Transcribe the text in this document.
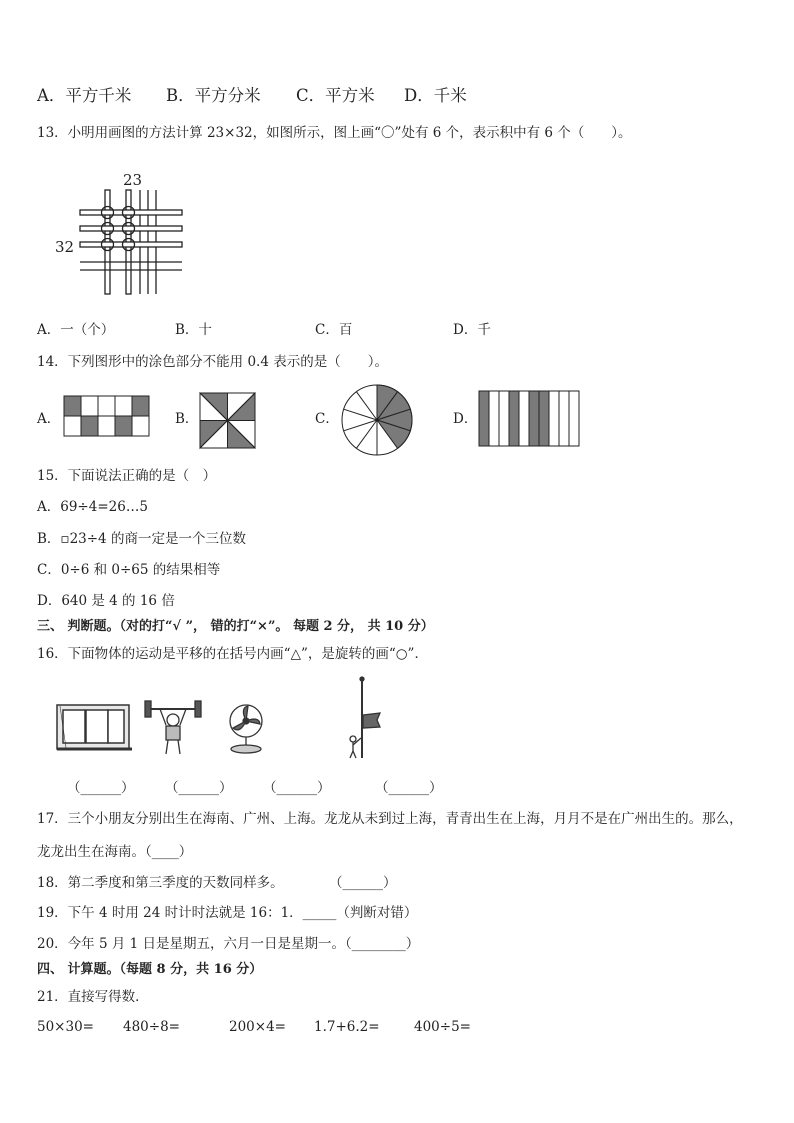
A．平方千米 B．平方分米 C．平方米 D．千米
13．小明用画图的方法计算 23×32，如图所示，图上画“〇”处有 6 个，表示积中有 6 个（　　）。
23
32
A．一（个）	B．十	C．百	D．千
14．下列图形中的涂色部分不能用 0.4 表示的是（　　）。
A．	B．	C．	D．
15．下面说法正确的是（　）
A．69÷4=26…5
B．▫23÷4 的商一定是一个三位数
C．0÷6 和 0÷65 的结果相等
D．640 是 4 的 16 倍
三、 判断题。（对的打“√ ”， 错的打“×”。 每题 2 分， 共 10 分）
16．下面物体的运动是平移的在括号内画“△”，是旋转的画“○”．
（______） （______） （______）	（______）
17．三个小朋友分别出生在海南、广州、上海。龙龙从未到过上海，青青出生在上海，月月不是在广州出生的。那么，
龙龙出生在海南。（____）
18．第二季度和第三季度的天数同样多。	（______）
19．下午 4 时用 24 时计时法就是 16：1．_____（判断对错）
20．今年 5 月 1 日是星期五，六月一日是星期一。（________）
四、 计算题。（每题 8 分，共 16 分）
21．直接写得数．
50×30= 480÷8=	200×4= 1.7+6.2=	400÷5=
